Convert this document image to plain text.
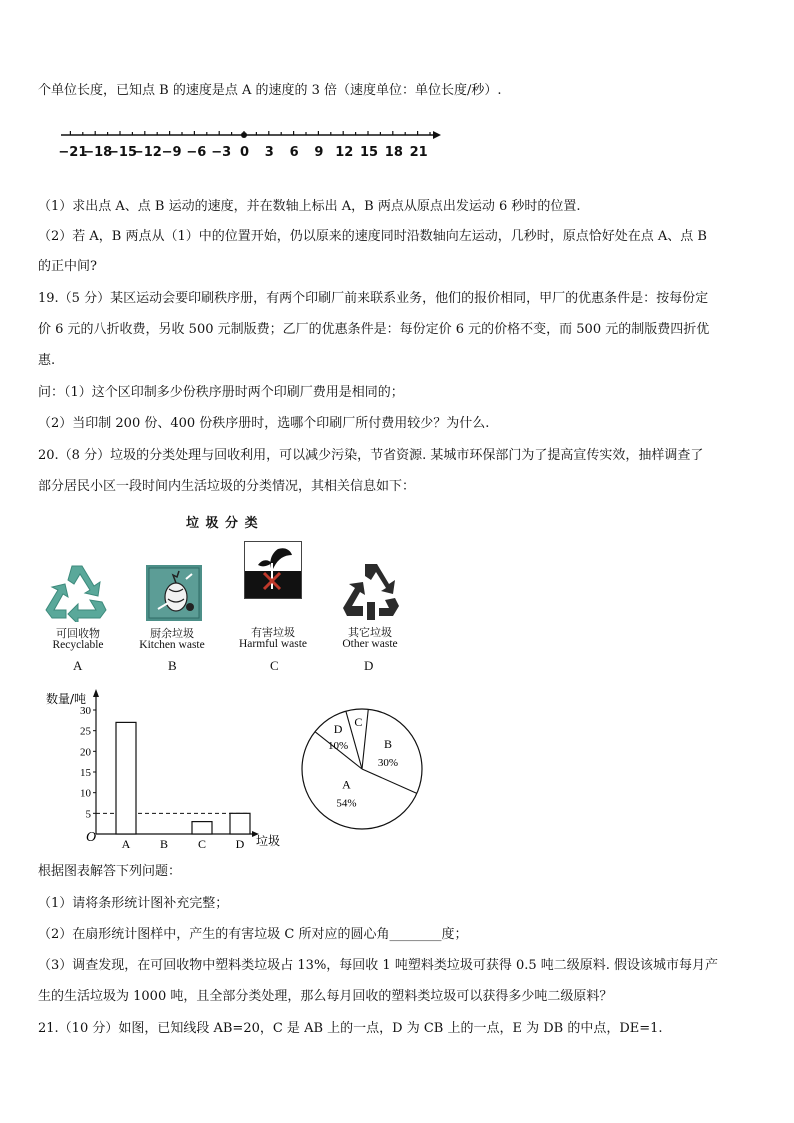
个单位长度，已知点 B 的速度是点 A 的速度的 3 倍（速度单位：单位长度/秒）.
（1）求出点 A、点 B 运动的速度，并在数轴上标出 A，B 两点从原点出发运动 6 秒时的位置.
（2）若 A，B 两点从（1）中的位置开始，仍以原来的速度同时沿数轴向左运动，几秒时，原点恰好处在点 A、点 B
的正中间?
19.（5 分）某区运动会要印刷秩序册，有两个印刷厂前来联系业务，他们的报价相同，甲厂的优惠条件是：按每份定
价 6 元的八折收费，另收 500 元制版费；乙厂的优惠条件是：每份定价 6 元的价格不变，而 500 元的制版费四折优
惠.
问：（1）这个区印制多少份秩序册时两个印刷厂费用是相同的；
（2）当印制 200 份、400 份秩序册时，选哪个印刷厂所付费用较少？为什么.
20.（8 分）垃圾的分类处理与回收利用，可以减少污染，节省资源. 某城市环保部门为了提高宣传实效，抽样调查了
部分居民小区一段时间内生活垃圾的分类情况，其相关信息如下：
根据图表解答下列问题：
（1）请将条形统计图补充完整；
（2）在扇形统计图样中，产生的有害垃圾 C 所对应的圆心角________度；
（3）调查发现，在可回收物中塑料类垃圾占 13%，每回收 1 吨塑料类垃圾可获得 0.5 吨二级原料. 假设该城市每月产
生的生活垃圾为 1000 吨，且全部分类处理，那么每月回收的塑料类垃圾可以获得多少吨二级原料？
21.（10 分）如图，已知线段 AB=20，C 是 AB 上的一点，D 为 CB 上的一点，E 为 DB 的中点，DE=1.
−21
−18
−15
−12 −9 −6 −3 0 3 6 9 12 15 18 21
垃 圾 分 类
可回收物
Recyclable
A
厨余垃圾
Kitchen waste
B
有害垃圾
Harmful waste
C
其它垃圾
Other waste
D
数量/吨
O	垃圾
5
10
15
20
25
30
A B C D
B
30%
A
54%
D
10%
C
